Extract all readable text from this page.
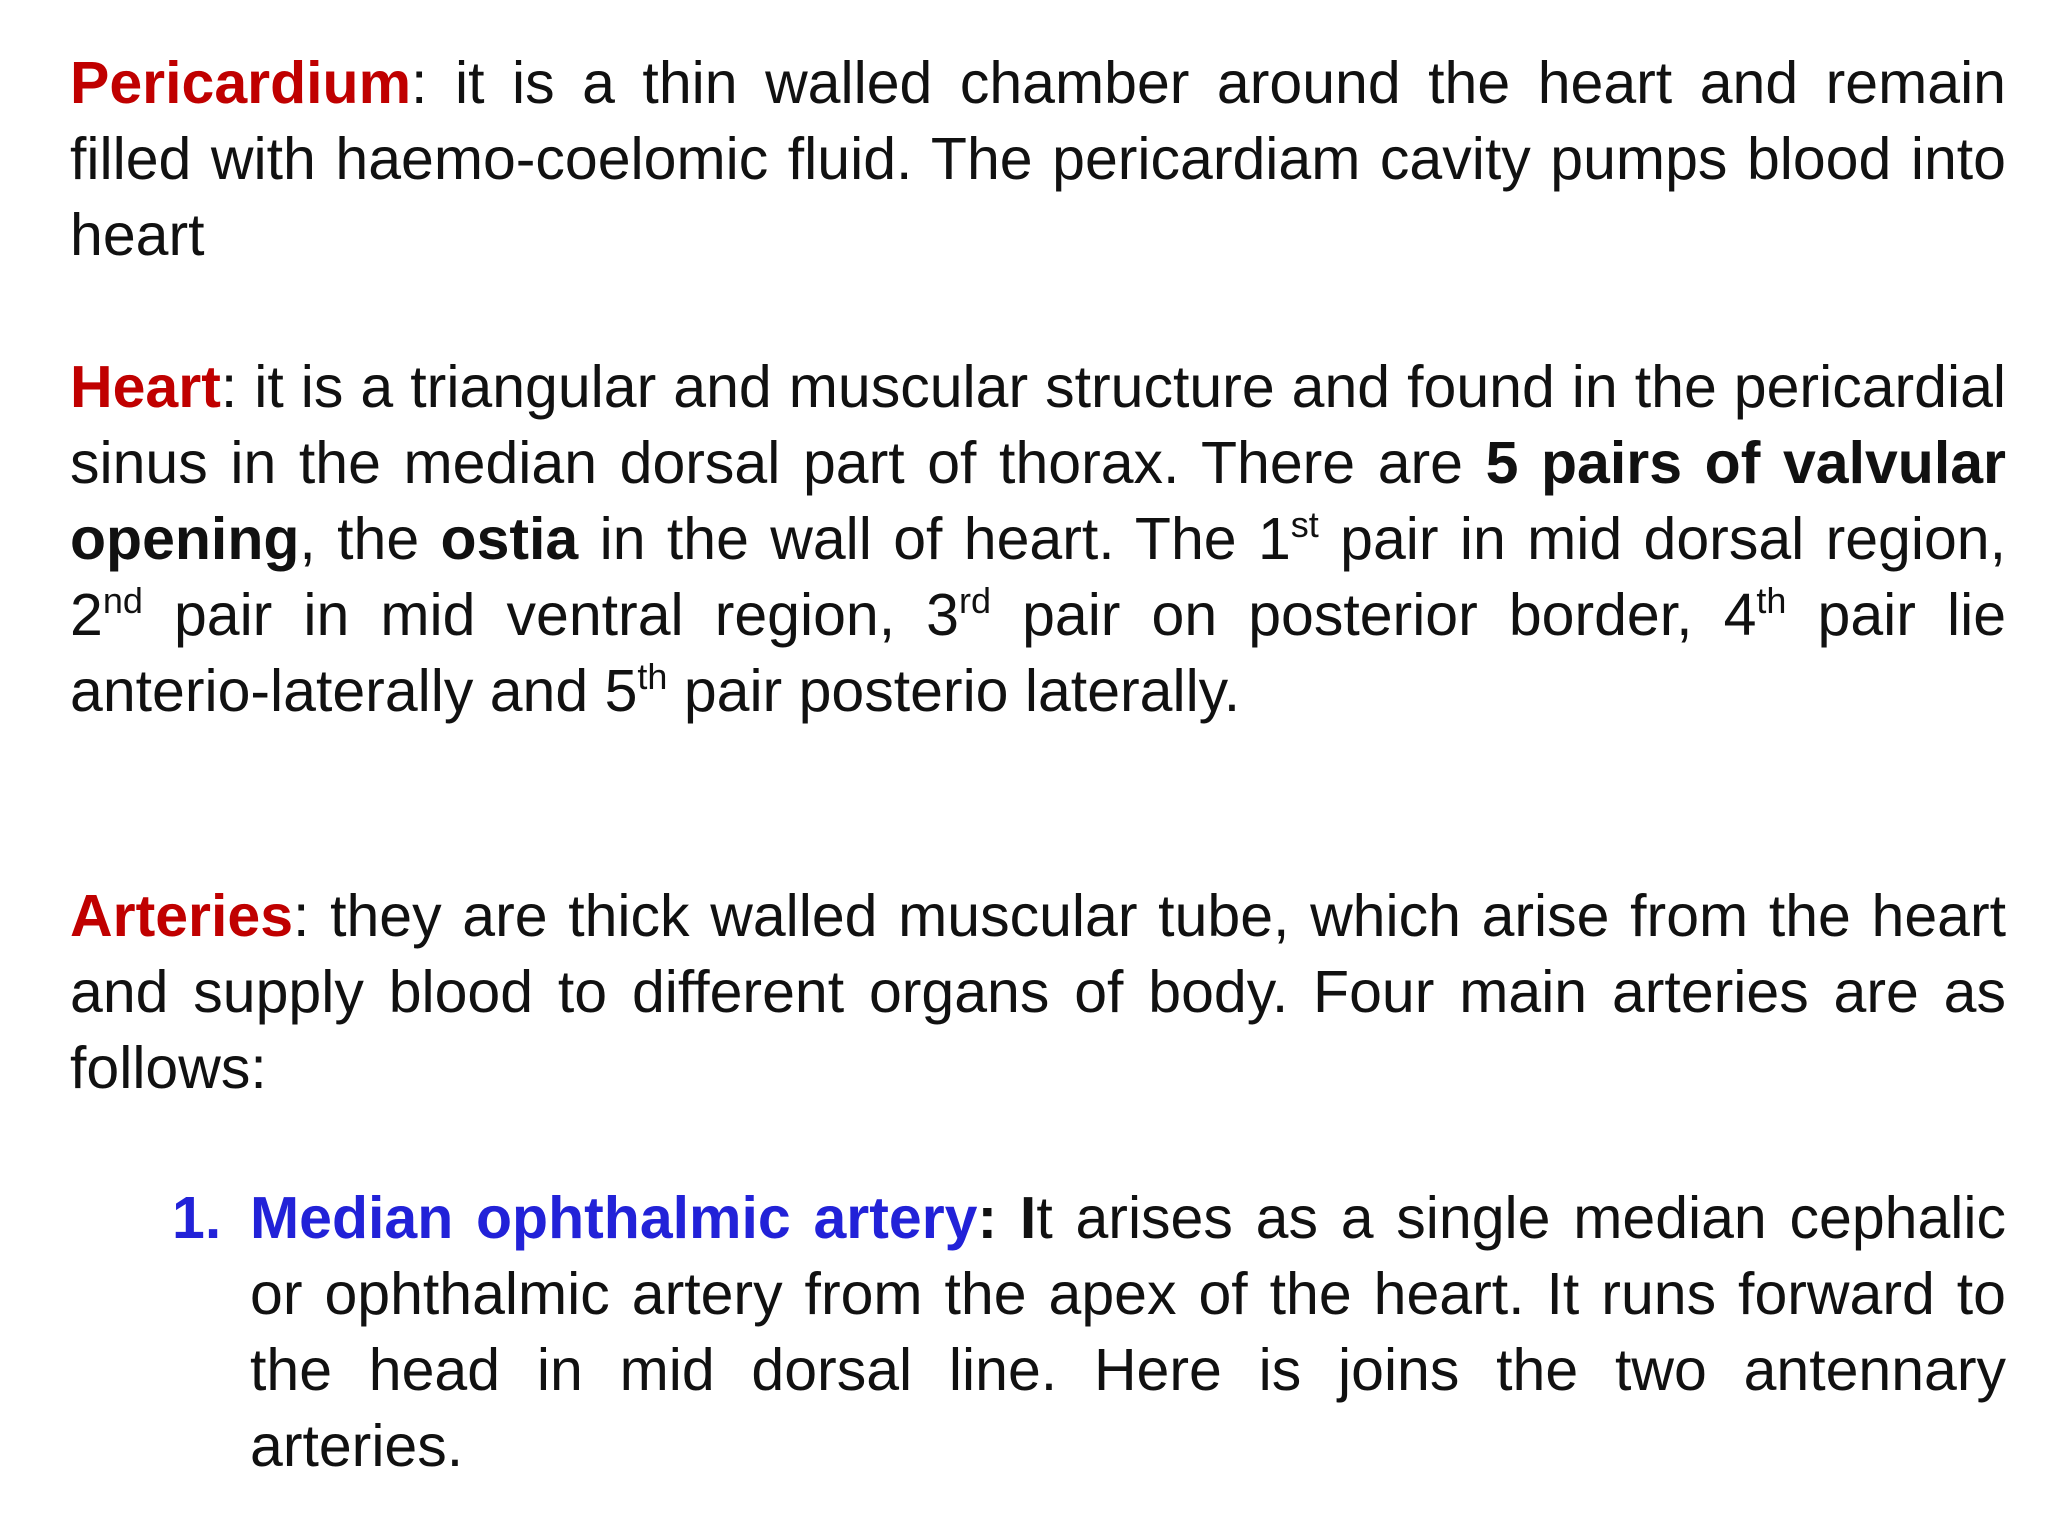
Pericardium: it is a thin walled chamber around the heart and remain filled with haemo-coelomic fluid. The pericardiam cavity pumps blood into heart

Heart: it is a triangular and muscular structure and found in the pericardial sinus in the median dorsal part of thorax. There are 5 pairs of valvular opening, the ostia in the wall of heart. The 1st pair in mid dorsal region, 2nd pair in mid ventral region, 3rd pair on posterior border, 4th pair lie anterio-laterally and 5th pair posterio laterally.

Arteries: they are thick walled muscular tube, which arise from the heart and supply blood to different organs of body. Four main arteries are as follows:

1. Median ophthalmic artery: It arises as a single median cephalic or ophthalmic artery from the apex of the heart. It runs forward to the head in mid dorsal line. Here is joins the two antennary arteries.
